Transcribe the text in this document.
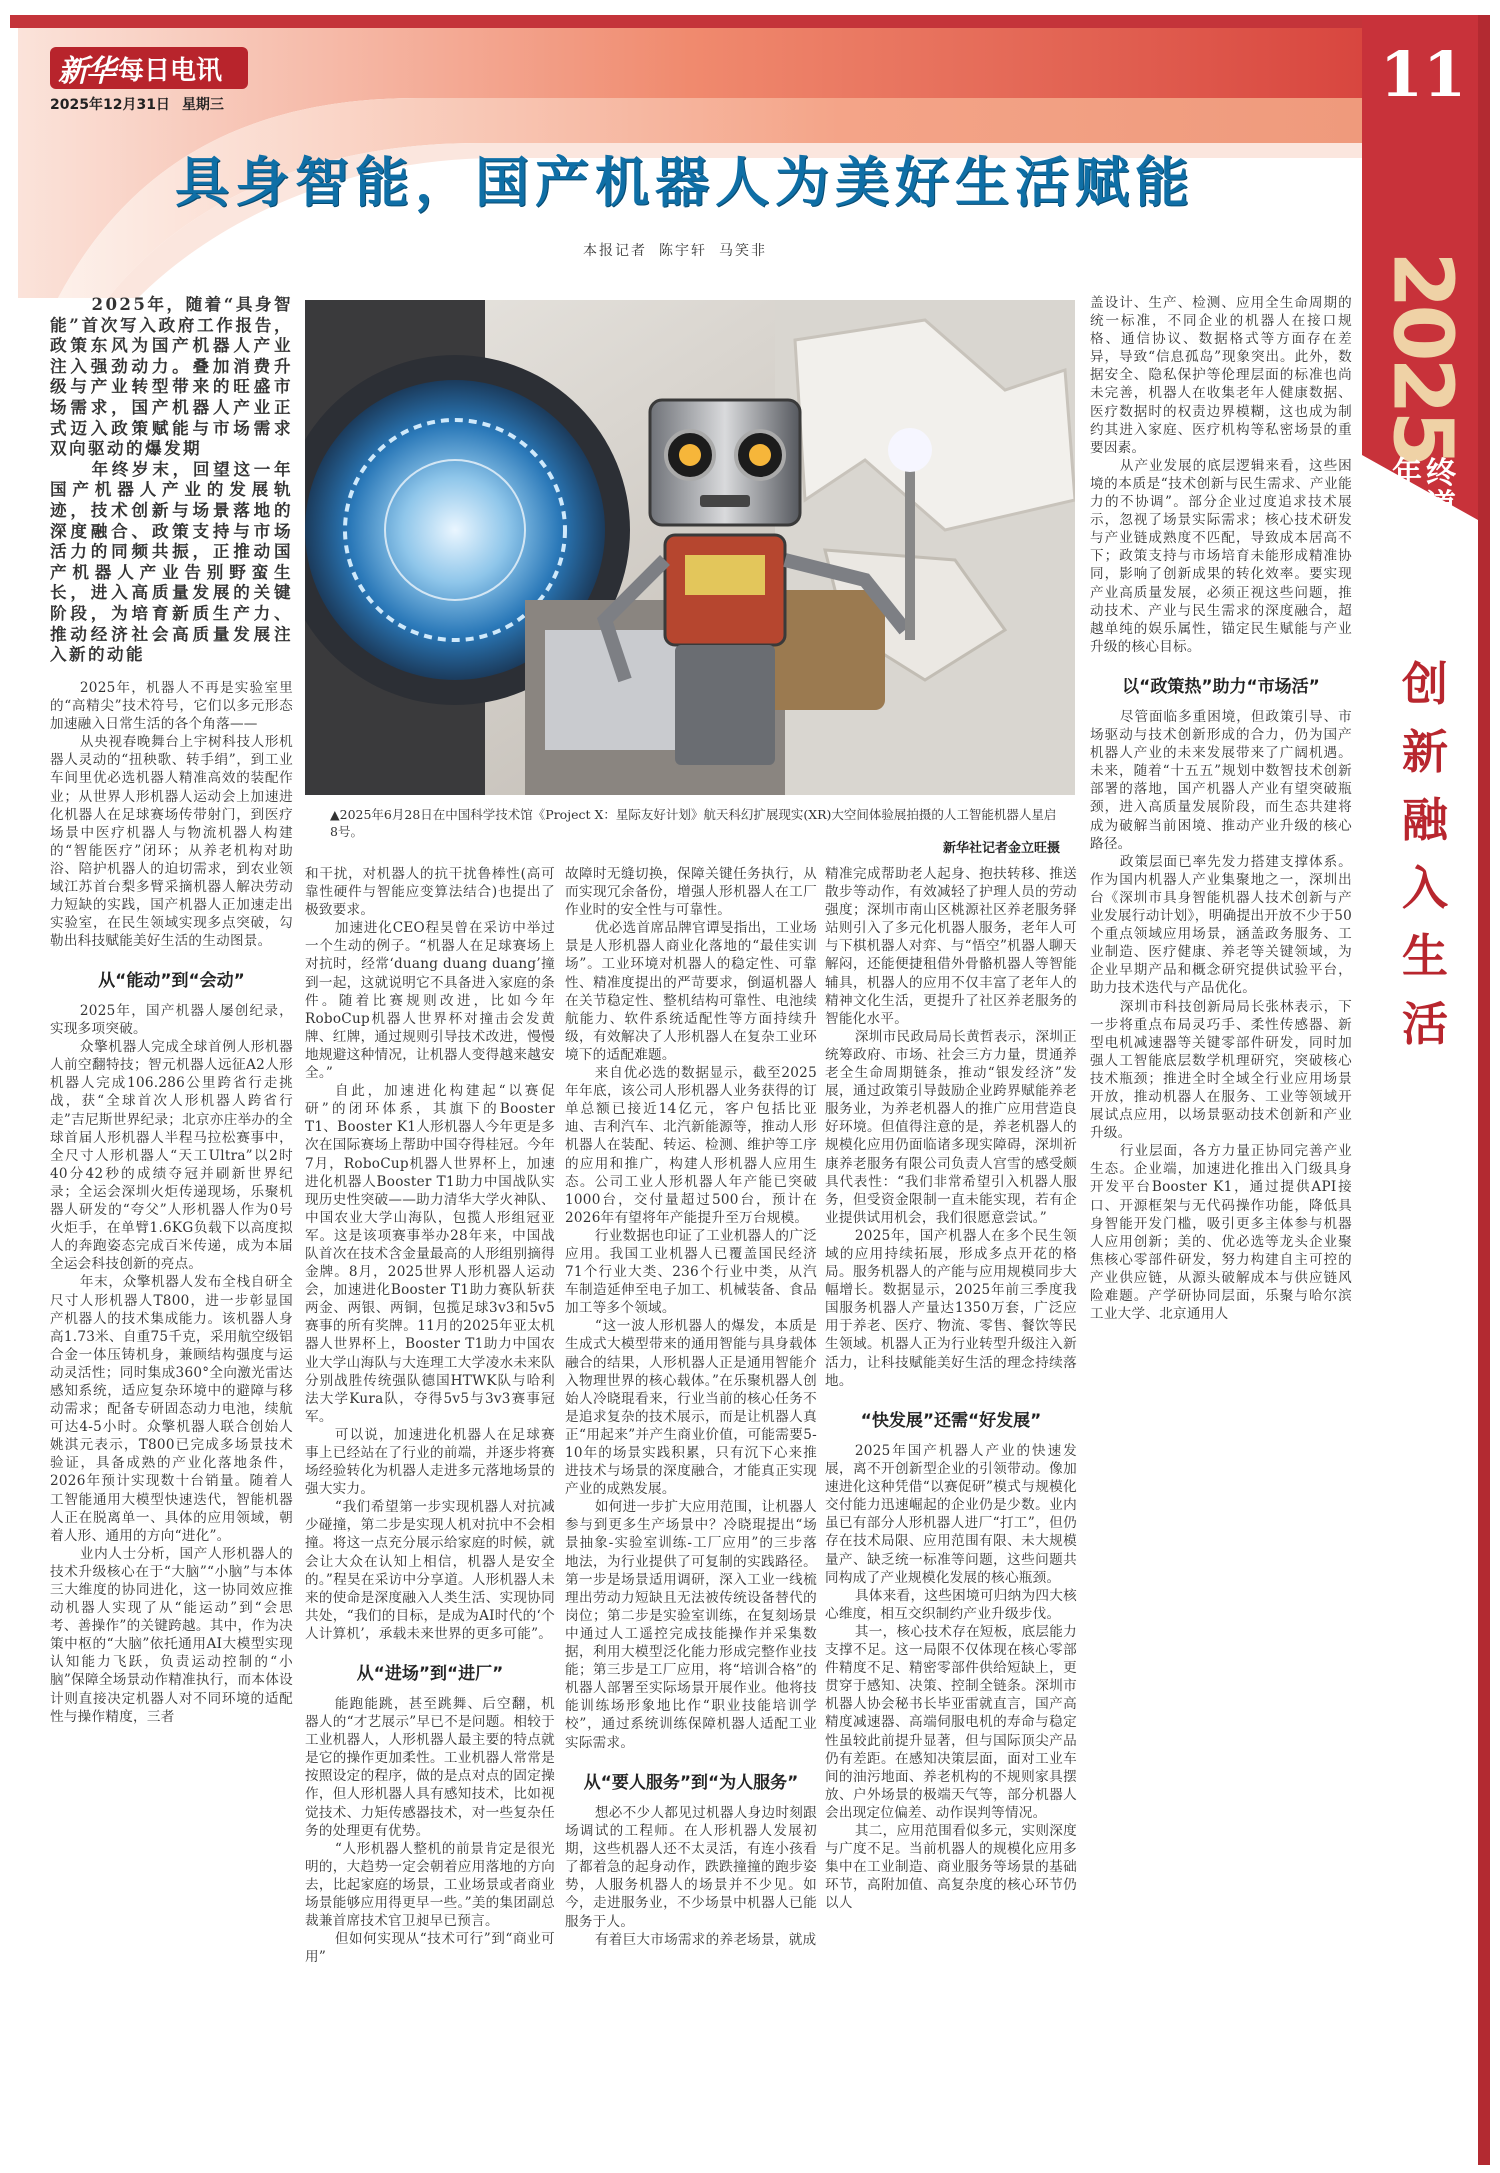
新华 每日电讯
2025年12月31日 星期三	11
2025
年终报道
创新融入生活
具身智能，国产机器人为美好生活赋能
本报记者 陈宇轩 马笑非

2025年，随着“具身智能”首次写入政府工作报告，政策东风为国产机器人产业注入强劲动力。叠加消费升级与产业转型带来的旺盛市场需求，国产机器人产业正式迈入政策赋能与市场需求双向驱动的爆发期

年终岁末，回望这一年国产机器人产业的发展轨迹，技术创新与场景落地的深度融合、政策支持与市场活力的同频共振，正推动国产机器人产业告别野蛮生长，进入高质量发展的关键阶段，为培育新质生产力、推动经济社会高质量发展注入新的动能

▲2025年6月28日在中国科学技术馆《Project X：星际友好计划》航天科幻扩展现实(XR)大空间体验展拍摄的人工智能机器人星启8号。
新华社记者金立旺摄

2025年，机器人不再是实验室里的“高精尖”技术符号，它们以多元形态加速融入日常生活的各个角落——

从央视春晚舞台上宇树科技人形机器人灵动的“扭秧歌、转手绢”，到工业车间里优必选机器人精准高效的装配作业；从世界人形机器人运动会上加速进化机器人在足球赛场传带射门，到医疗场景中医疗机器人与物流机器人构建的“智能医疗”闭环；从养老机构对助浴、陪护机器人的迫切需求，到农业领域江苏首台梨多臂采摘机器人解决劳动力短缺的实践，国产机器人正加速走出实验室，在民生领域实现多点突破，勾勒出科技赋能美好生活的生动图景。

从“能动”到“会动”

2025年，国产机器人屡创纪录，实现多项突破。

众擎机器人完成全球首例人形机器人前空翻特技；智元机器人远征A2人形机器人完成106.286公里跨省行走挑战，获“全球首次人形机器人跨省行走”吉尼斯世界纪录；北京亦庄举办的全球首届人形机器人半程马拉松赛事中，全尺寸人形机器人“天工Ultra”以2时40分42秒的成绩夺冠并刷新世界纪录；全运会深圳火炬传递现场，乐聚机器人研发的“夸父”人形机器人作为0号火炬手，在单臂1.6KG负载下以高度拟人的奔跑姿态完成百米传递，成为本届全运会科技创新的亮点。

年末，众擎机器人发布全栈自研全尺寸人形机器人T800，进一步彰显国产机器人的技术集成能力。该机器人身高1.73米、自重75千克，采用航空级铝合金一体压铸机身，兼顾结构强度与运动灵活性；同时集成360°全向激光雷达感知系统，适应复杂环境中的避障与移动需求；配备专研固态动力电池，续航可达4-5小时。众擎机器人联合创始人姚淇元表示，T800已完成多场景技术验证，具备成熟的产业化落地条件，2026年预计实现数十台销量。随着人工智能通用大模型快速迭代，智能机器人正在脱离单一、具体的应用领域，朝着人形、通用的方向“进化”。

业内人士分析，国产人形机器人的技术升级核心在于“大脑”“小脑”与本体三大维度的协同进化，这一协同效应推动机器人实现了从“能运动”到“会思考、善操作”的关键跨越。其中，作为决策中枢的“大脑”依托通用AI大模型实现认知能力飞跃，负责运动控制的“小脑”保障全场景动作精准执行，而本体设计则直接决定机器人对不同环境的适配性与操作精度，三者

和干扰，对机器人的抗干扰鲁棒性(高可靠性硬件与智能应变算法结合)也提出了极致要求。

加速进化CEO程昊曾在采访中举过一个生动的例子。“机器人在足球赛场上对抗时，经常‘duang duang duang’撞到一起，这就说明它不具备进入家庭的条件。随着比赛规则改进，比如今年RoboCup机器人世界杯对撞击会发黄牌、红牌，通过规则引导技术改进，慢慢地规避这种情况，让机器人变得越来越安全。”

自此，加速进化构建起“以赛促研”的闭环体系，其旗下的Booster T1、Booster K1人形机器人今年更是多次在国际赛场上帮助中国夺得桂冠。今年7月，RoboCup机器人世界杯上，加速进化机器人Booster T1助力中国战队实现历史性突破——助力清华大学火神队、中国农业大学山海队，包揽人形组冠亚军。这是该项赛事举办28年来，中国战队首次在技术含金量最高的人形组别摘得金牌。8月，2025世界人形机器人运动会，加速进化Booster T1助力赛队斩获两金、两银、两铜，包揽足球3v3和5v5赛事的所有奖牌。11月的2025年亚太机器人世界杯上，Booster T1助力中国农业大学山海队与大连理工大学凌水未来队分别战胜传统强队德国HTWK队与哈利法大学Kura队，夺得5v5与3v3赛事冠军。

可以说，加速进化机器人在足球赛事上已经站在了行业的前端，并逐步将赛场经验转化为机器人走进多元落地场景的强大实力。

“我们希望第一步实现机器人对抗减少碰撞，第二步是实现人机对抗中不会相撞。将这一点充分展示给家庭的时候，就会让大众在认知上相信，机器人是安全的。”程昊在采访中分享道。人形机器人未来的使命是深度融入人类生活、实现协同共处，“我们的目标，是成为AI时代的‘个人计算机’，承载未来世界的更多可能”。

从“进场”到“进厂”

能跑能跳，甚至跳舞、后空翻，机器人的“才艺展示”早已不是问题。相较于工业机器人，人形机器人最主要的特点就是它的操作更加柔性。工业机器人常常是按照设定的程序，做的是点对点的固定操作，但人形机器人具有感知技术，比如视觉技术、力矩传感器技术，对一些复杂任务的处理更有优势。

“人形机器人整机的前景肯定是很光明的，大趋势一定会朝着应用落地的方向去，比起家庭的场景，工业场景或者商业场景能够应用得更早一些。”美的集团副总裁兼首席技术官卫昶早已预言。

但如何实现从“技术可行”到“商业可用”

故障时无缝切换，保障关键任务执行，从而实现冗余备份，增强人形机器人在工厂作业时的安全性与可靠性。

优必选首席品牌官谭旻指出，工业场景是人形机器人商业化落地的“最佳实训场”。工业环境对机器人的稳定性、可靠性、精准度提出的严苛要求，倒逼机器人在关节稳定性、整机结构可靠性、电池续航能力、软件系统适配性等方面持续升级，有效解决了人形机器人在复杂工业环境下的适配难题。

来自优必选的数据显示，截至2025年年底，该公司人形机器人业务获得的订单总额已接近14亿元，客户包括比亚迪、吉利汽车、北汽新能源等，推动人形机器人在装配、转运、检测、维护等工序的应用和推广，构建人形机器人应用生态。公司工业人形机器人年产能已突破1000台，交付量超过500台，预计在2026年有望将年产能提升至万台规模。

行业数据也印证了工业机器人的广泛应用。我国工业机器人已覆盖国民经济71个行业大类、236个行业中类，从汽车制造延伸至电子加工、机械装备、食品加工等多个领域。

“这一波人形机器人的爆发，本质是生成式大模型带来的通用智能与具身载体融合的结果，人形机器人正是通用智能介入物理世界的核心载体。”在乐聚机器人创始人冷晓琨看来，行业当前的核心任务不是追求复杂的技术展示，而是让机器人真正“用起来”并产生商业价值，可能需要5-10年的场景实践积累，只有沉下心来推进技术与场景的深度融合，才能真正实现产业的成熟发展。

如何进一步扩大应用范围，让机器人参与到更多生产场景中？冷晓琨提出“场景抽象-实验室训练-工厂应用”的三步落地法，为行业提供了可复制的实践路径。第一步是场景适用调研，深入工业一线梳理出劳动力短缺且无法被传统设备替代的岗位；第二步是实验室训练，在复刻场景中通过人工遥控完成技能操作并采集数据，利用大模型泛化能力形成完整作业技能；第三步是工厂应用，将“培训合格”的机器人部署至实际场景开展作业。他将技能训练场形象地比作“职业技能培训学校”，通过系统训练保障机器人适配工业实际需求。

从“要人服务”到“为人服务”

想必不少人都见过机器人身边时刻跟场调试的工程师。在人形机器人发展初期，这些机器人还不太灵活，有连小孩看了都着急的起身动作，跌跌撞撞的跑步姿势，人服务机器人的场景并不少见。如今，走进服务业，不少场景中机器人已能服务于人。

有着巨大市场需求的养老场景，就成

精准完成帮助老人起身、抱扶转移、推送散步等动作，有效减轻了护理人员的劳动强度；深圳市南山区桃源社区养老服务驿站则引入了多元化机器人服务，老年人可与下棋机器人对弈、与“悟空”机器人聊天解闷，还能便捷租借外骨骼机器人等智能辅具，机器人的应用不仅丰富了老年人的精神文化生活，更提升了社区养老服务的智能化水平。

深圳市民政局局长黄哲表示，深圳正统筹政府、市场、社会三方力量，贯通养老全生命周期链条，推动“银发经济”发展，通过政策引导鼓励企业跨界赋能养老服务业，为养老机器人的推广应用营造良好环境。但值得注意的是，养老机器人的规模化应用仍面临诸多现实障碍，深圳祈康养老服务有限公司负责人宫雪的感受颇具代表性：“我们非常希望引入机器人服务，但受资金限制一直未能实现，若有企业提供试用机会，我们很愿意尝试。”

2025年，国产机器人在多个民生领域的应用持续拓展，形成多点开花的格局。服务机器人的产能与应用规模同步大幅增长。数据显示，2025年前三季度我国服务机器人产量达1350万套，广泛应用于养老、医疗、物流、零售、餐饮等民生领域。机器人正为行业转型升级注入新活力，让科技赋能美好生活的理念持续落地。

“快发展”还需“好发展”

2025年国产机器人产业的快速发展，离不开创新型企业的引领带动。像加速进化这种凭借“以赛促研”模式与规模化交付能力迅速崛起的企业仍是少数。业内虽已有部分人形机器人进厂“打工”，但仍存在技术局限、应用范围有限、未大规模量产、缺乏统一标准等问题，这些问题共同构成了产业规模化发展的核心瓶颈。

具体来看，这些困境可归纳为四大核心维度，相互交织制约产业升级步伐。

其一，核心技术存在短板，底层能力支撑不足。这一局限不仅体现在核心零部件精度不足、精密零部件供给短缺上，更贯穿于感知、决策、控制全链条。深圳市机器人协会秘书长毕亚雷就直言，国产高精度减速器、高端伺服电机的寿命与稳定性虽较此前提升显著，但与国际顶尖产品仍有差距。在感知决策层面，面对工业车间的油污地面、养老机构的不规则家具摆放、户外场景的极端天气等，部分机器人会出现定位偏差、动作误判等情况。

其二，应用范围看似多元，实则深度与广度不足。当前机器人的规模化应用多集中在工业制造、商业服务等场景的基础环节，高附加值、高复杂度的核心环节仍以人

盖设计、生产、检测、应用全生命周期的统一标准，不同企业的机器人在接口规格、通信协议、数据格式等方面存在差异，导致“信息孤岛”现象突出。此外，数据安全、隐私保护等伦理层面的标准也尚未完善，机器人在收集老年人健康数据、医疗数据时的权责边界模糊，这也成为制约其进入家庭、医疗机构等私密场景的重要因素。

从产业发展的底层逻辑来看，这些困境的本质是“技术创新与民生需求、产业能力的不协调”。部分企业过度追求技术展示，忽视了场景实际需求；核心技术研发与产业链成熟度不匹配，导致成本居高不下；政策支持与市场培育未能形成精准协同，影响了创新成果的转化效率。要实现产业高质量发展，必须正视这些问题，推动技术、产业与民生需求的深度融合，超越单纯的娱乐属性，锚定民生赋能与产业升级的核心目标。

以“政策热”助力“市场活”

尽管面临多重困境，但政策引导、市场驱动与技术创新形成的合力，仍为国产机器人产业的未来发展带来了广阔机遇。未来，随着“十五五”规划中数智技术创新部署的落地，国产机器人产业有望突破瓶颈，进入高质量发展阶段，而生态共建将成为破解当前困境、推动产业升级的核心路径。

政策层面已率先发力搭建支撑体系。作为国内机器人产业集聚地之一，深圳出台《深圳市具身智能机器人技术创新与产业发展行动计划》，明确提出开放不少于50个重点领域应用场景，涵盖政务服务、工业制造、医疗健康、养老等关键领域，为企业早期产品和概念研究提供试验平台，助力技术迭代与产品优化。

深圳市科技创新局局长张林表示，下一步将重点布局灵巧手、柔性传感器、新型电机减速器等关键零部件研发，同时加强人工智能底层数学机理研究，突破核心技术瓶颈；推进全时全域全行业应用场景开放，推动机器人在服务、工业等领域开展试点应用，以场景驱动技术创新和产业升级。

行业层面，各方力量正协同完善产业生态。企业端，加速进化推出入门级具身开发平台Booster K1，通过提供API接口、开源框架与无代码操作功能，降低具身智能开发门槛，吸引更多主体参与机器人应用创新；美的、优必选等龙头企业聚焦核心零部件研发，努力构建自主可控的产业供应链，从源头破解成本与供应链风险难题。产学研协同层面，乐聚与哈尔滨工业大学、北京通用人
